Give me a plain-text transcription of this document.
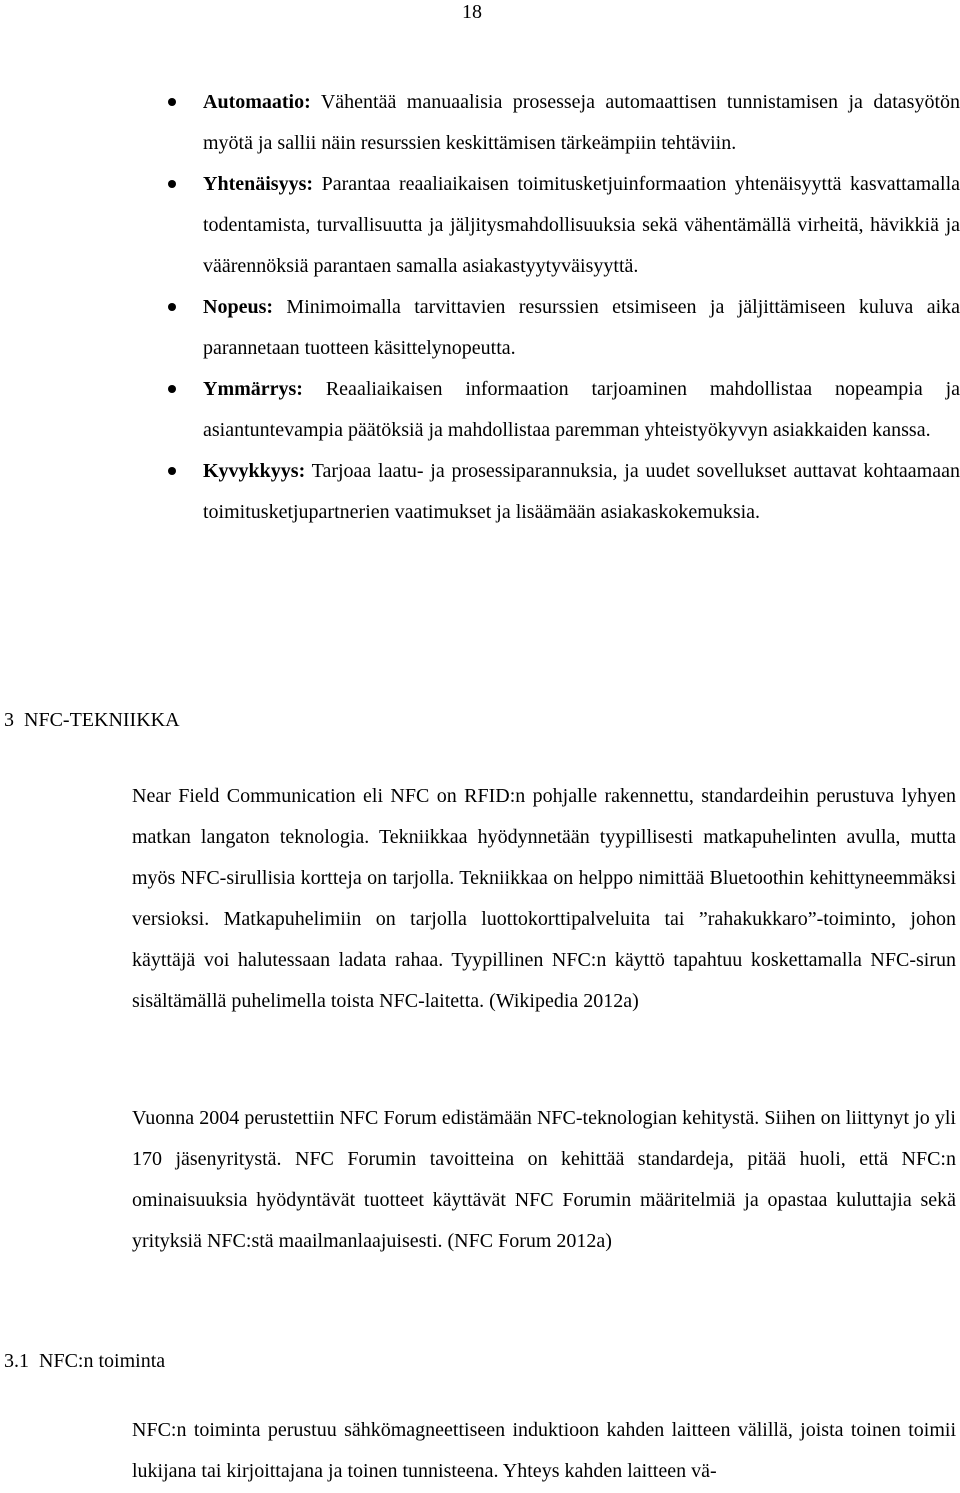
18
Automaatio: Vähentää manuaalisia prosesseja automaattisen tunnistamisen ja datasyötön myötä ja sallii näin resurssien keskittämisen tärkeämpiin tehtäviin.
Yhtenäisyys: Parantaa reaaliaikaisen toimitusketjuinformaation yhtenäisyyttä kasvattamalla todentamista, turvallisuutta ja jäljitysmahdollisuuksia sekä vähentämällä virheitä, hävikkiä ja väärennöksiä parantaen samalla asiakastyytyväisyyttä.
Nopeus: Minimoimalla tarvittavien resurssien etsimiseen ja jäljittämiseen kuluva aika parannetaan tuotteen käsittelynopeutta.
Ymmärrys: Reaaliaikaisen informaation tarjoaminen mahdollistaa nopeampia ja asiantuntevampia päätöksiä ja mahdollistaa paremman yhteistyökyvyn asiakkaiden kanssa.
Kyvykkyys: Tarjoaa laatu- ja prosessiparannuksia, ja uudet sovellukset auttavat kohtaamaan toimitusketjupartnerien vaatimukset ja lisäämään asiakaskokemuksia.
3  NFC-TEKNIIKKA

Near Field Communication eli NFC on RFID:n pohjalle rakennettu, standardeihin perustuva lyhyen matkan langaton teknologia. Tekniikkaa hyödynnetään tyypillisesti matkapuhelinten avulla, mutta myös NFC-sirullisia kortteja on tarjolla. Tekniikkaa on helppo nimittää Bluetoothin kehittyneemmäksi versioksi. Matkapuhelimiin on tarjolla luottokorttipalveluita tai ”rahakukkaro”-toiminto, johon käyttäjä voi halutessaan ladata rahaa. Tyypillinen NFC:n käyttö tapahtuu koskettamalla NFC-sirun sisältämällä puhelimella toista NFC-laitetta. (Wikipedia 2012a)

Vuonna 2004 perustettiin NFC Forum edistämään NFC-teknologian kehitystä. Siihen on liittynyt jo yli 170 jäsenyritystä. NFC Forumin tavoitteina on kehittää standardeja, pitää huoli, että NFC:n ominaisuuksia hyödyntävät tuotteet käyttävät NFC Forumin määritelmiä ja opastaa kuluttajia sekä yrityksiä NFC:stä maailmanlaajuisesti. (NFC Forum 2012a)

3.1  NFC:n toiminta

NFC:n toiminta perustuu sähkömagneettiseen induktioon kahden laitteen välillä, joista toinen toimii lukijana tai kirjoittajana ja toinen tunnisteena. Yhteys kahden laitteen vä-
